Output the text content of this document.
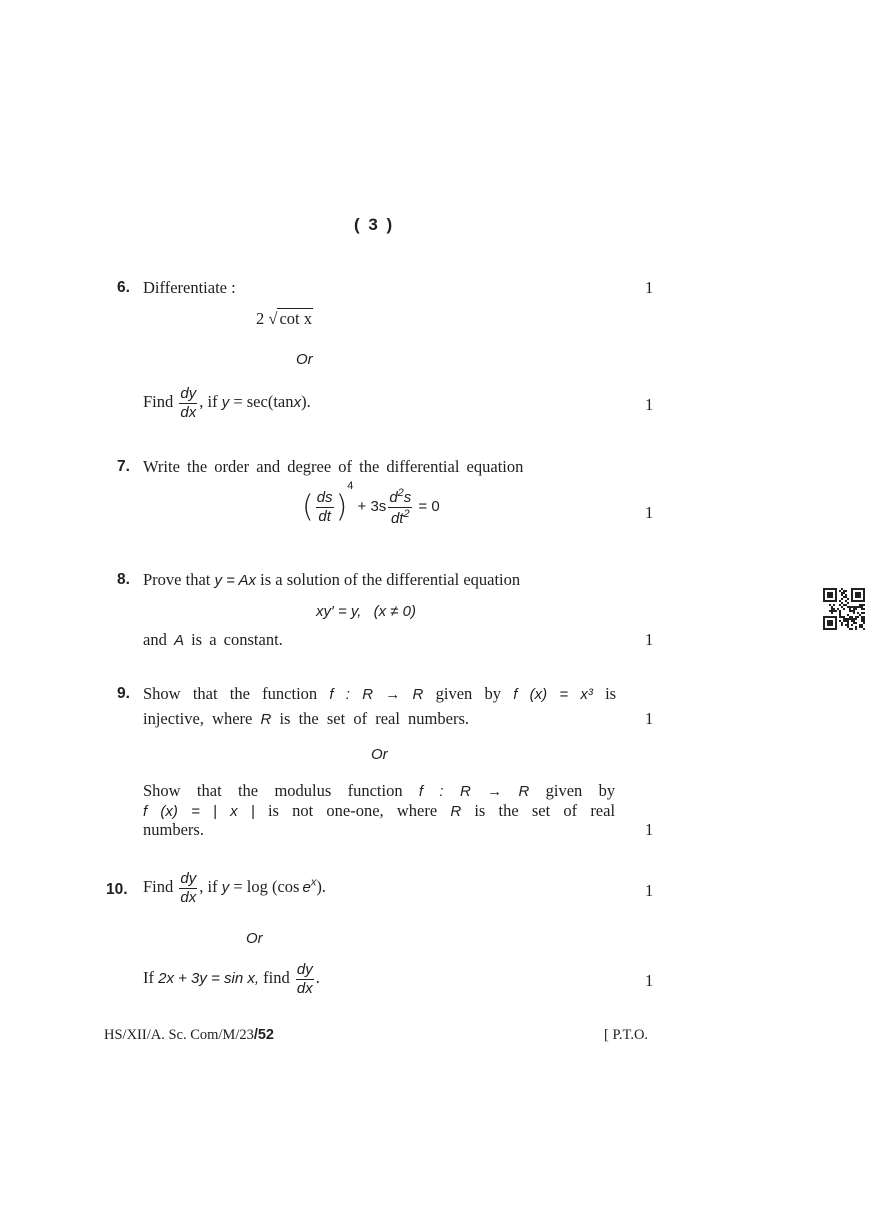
( 3 )
6. Differentiate :	1
2 √ cot x
Or
Find $\frac{dy}{dx}$ , if y = sec(tan x).	1
7. Write the order and degree of the differential equation
( $\frac{ds}{dt} )^4 + 3s \frac{d^2s}{dt^2} = 0$	1
8. Prove that y = Ax is a solution of the differential equation
xy′ = y, (x ≠ 0)
and A is a constant.	1
9. Show that the function f : R → R given by f (x) = x³ is
injective, where R is the set of real numbers.	1
Or
Show that the modulus function f : R → R given by
f (x) = | x | is not one-one, where R is the set of real
numbers.	1
10. Find $\frac{dy}{dx}$ , if y = log (cos $e^x$).	1
Or
If 2x + 3y = sin x, find $\frac{dy}{dx}$ .	1
HS/XII/A. Sc. Com/M/23/52	[ P.T.O.
